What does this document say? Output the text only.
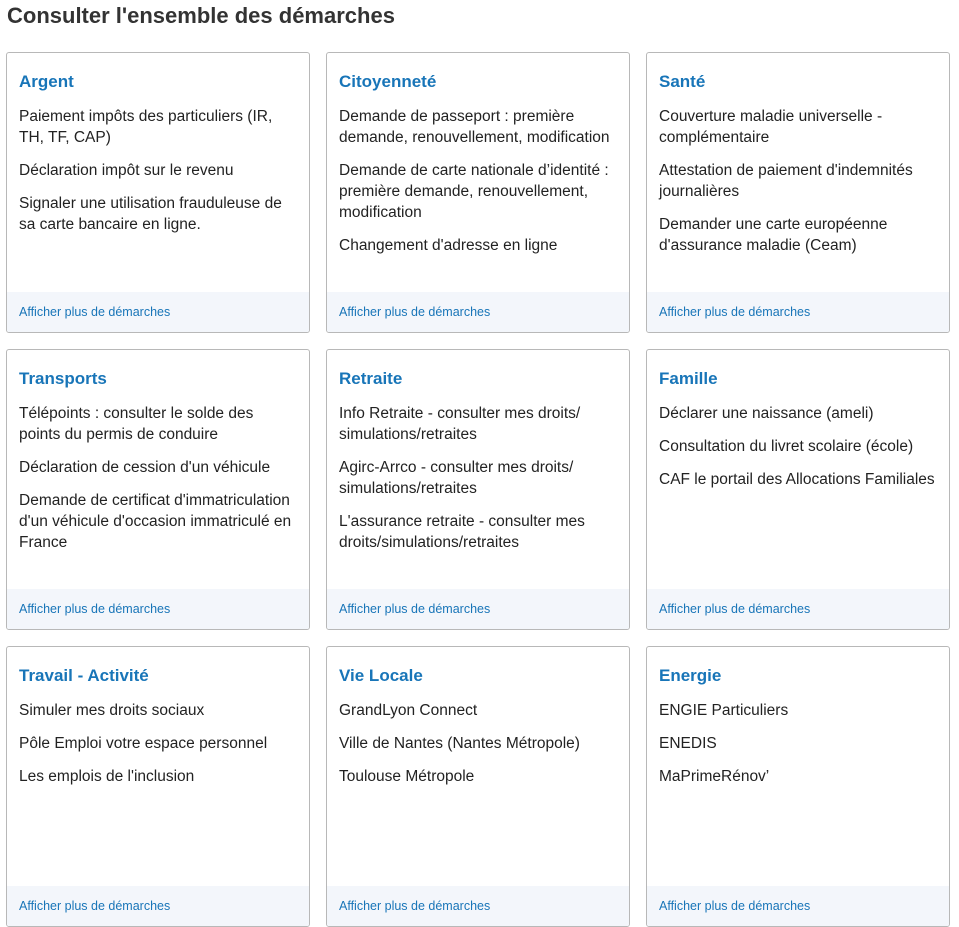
Consulter l'ensemble des démarches
Argent
Paiement impôts des particuliers (IR, TH, TF, CAP)
Déclaration impôt sur le revenu
Signaler une utilisation frauduleuse de sa carte bancaire en ligne.
Afficher plus de démarches
Citoyenneté
Demande de passeport : première demande, renouvellement, modification
Demande de carte nationale d’identité : première demande, renouvellement, modification
Changement d'adresse en ligne
Afficher plus de démarches
Santé
Couverture maladie universelle - complémentaire
Attestation de paiement d'indemnités journalières
Demander une carte européenne d'assurance maladie (Ceam)
Afficher plus de démarches
Transports
Télépoints : consulter le solde des points du permis de conduire
Déclaration de cession d'un véhicule
Demande de certificat d'immatriculation d'un véhicule d'occasion immatriculé en France
Afficher plus de démarches
Retraite
Info Retraite - consulter mes droits/ simulations/retraites
Agirc-Arrco - consulter mes droits/ simulations/retraites
L'assurance retraite - consulter mes droits/simulations/retraites
Afficher plus de démarches
Famille
Déclarer une naissance (ameli)
Consultation du livret scolaire (école)
CAF le portail des Allocations Familiales
Afficher plus de démarches
Travail - Activité
Simuler mes droits sociaux
Pôle Emploi votre espace personnel
Les emplois de l'inclusion
Afficher plus de démarches
Vie Locale
GrandLyon Connect
Ville de Nantes (Nantes Métropole)
Toulouse Métropole
Afficher plus de démarches
Energie
ENGIE Particuliers
ENEDIS
MaPrimeRénov’
Afficher plus de démarches
